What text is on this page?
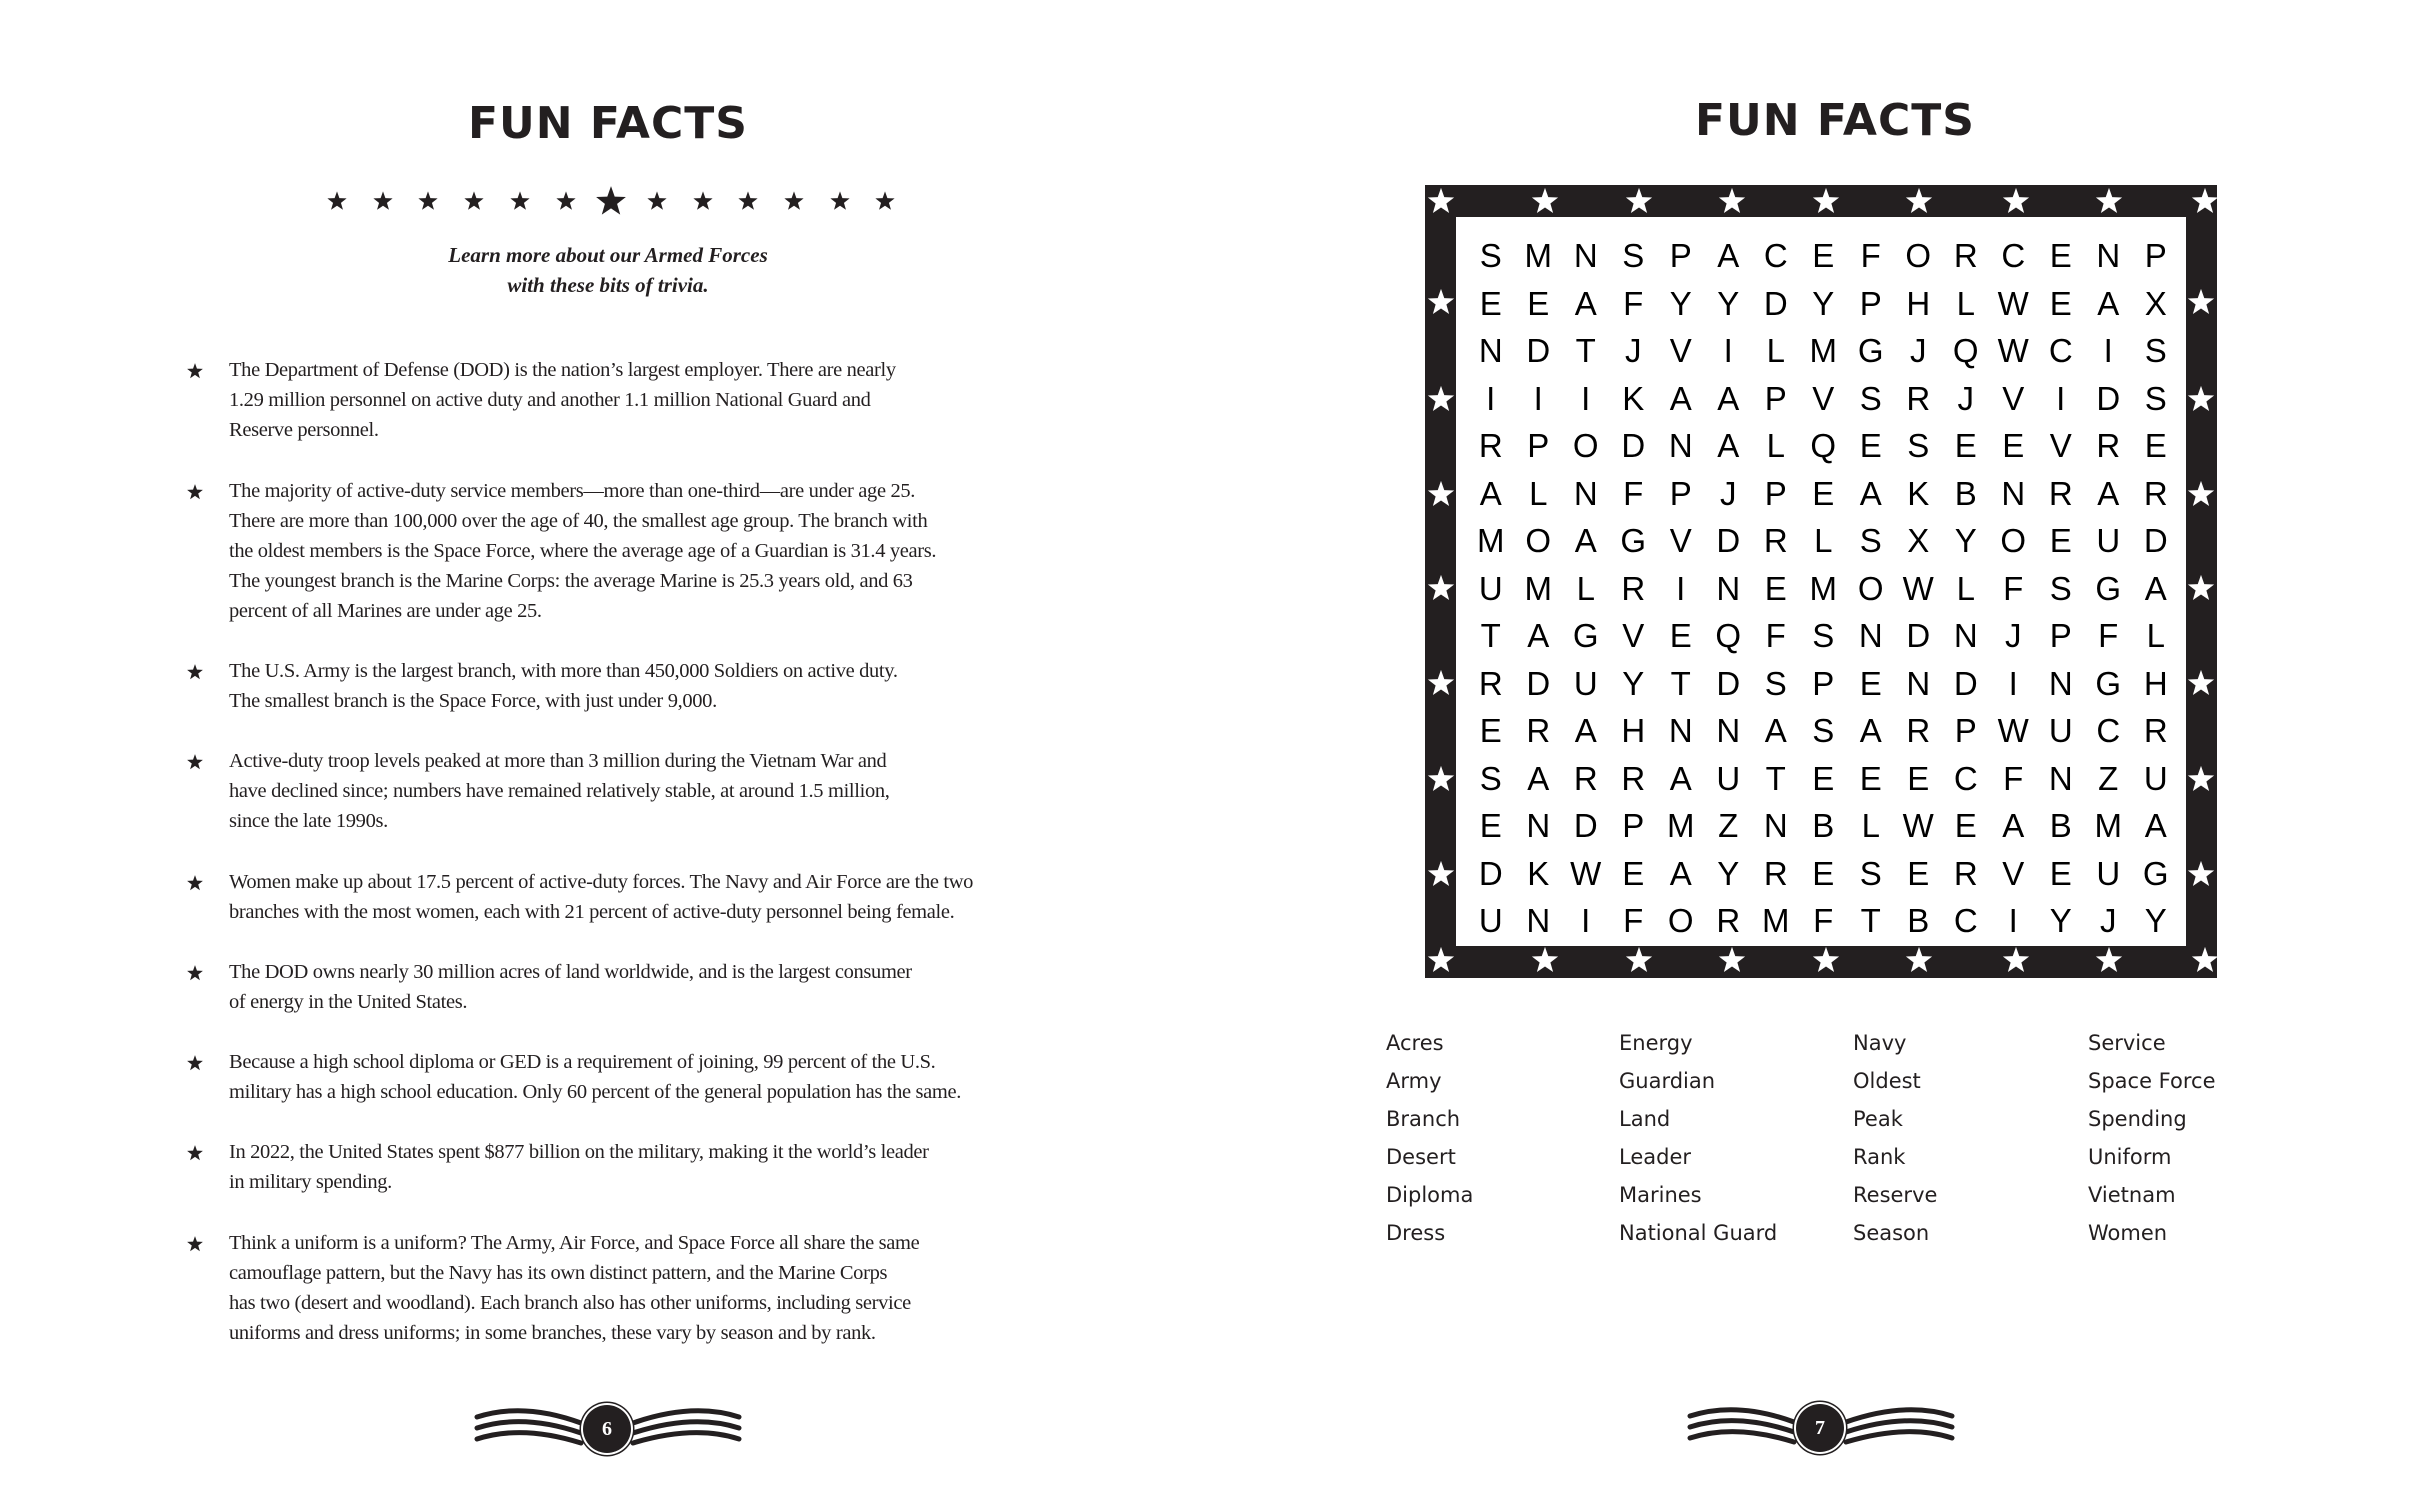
FUN FACTS
Learn more about our Armed Forces
with these bits of trivia.
The Department of Defense (DOD) is the nation’s largest employer. There are nearly
1.29 million personnel on active duty and another 1.1 million National Guard and
Reserve personnel.
The majority of active-duty service members—more than one-third—are under age 25.
There are more than 100,000 over the age of 40, the smallest age group. The branch with
the oldest members is the Space Force, where the average age of a Guardian is 31.4 years.
The youngest branch is the Marine Corps: the average Marine is 25.3 years old, and 63
percent of all Marines are under age 25.
The U.S. Army is the largest branch, with more than 450,000 Soldiers on active duty.
The smallest branch is the Space Force, with just under 9,000.
Active-duty troop levels peaked at more than 3 million during the Vietnam War and
have declined since; numbers have remained relatively stable, at around 1.5 million,
since the late 1990s.
Women make up about 17.5 percent of active-duty forces. The Navy and Air Force are the two
branches with the most women, each with 21 percent of active-duty personnel being female.
The DOD owns nearly 30 million acres of land worldwide, and is the largest consumer
of energy in the United States.
Because a high school diploma or GED is a requirement of joining, 99 percent of the U.S.
military has a high school education. Only 60 percent of the general population has the same.
In 2022, the United States spent $877 billion on the military, making it the world’s leader
in military spending.
Think a uniform is a uniform? The Army, Air Force, and Space Force all share the same
camouflage pattern, but the Navy has its own distinct pattern, and the Marine Corps
has two (desert and woodland). Each branch also has other uniforms, including service
uniforms and dress uniforms; in some branches, these vary by season and by rank.
6
FUN FACTS
S M N S P A C E F O R C E N P
E E A F Y Y D Y P H L W E A X
N D T J V I	L M G J Q W C I S
I	I	I K A A P V S R J V I D S
R P O D N A L Q E S E E V R E
A L N F P J P E A K B N R A R
M O A G V D R L S X Y O E U D
U M L R I N E M O W L F S G A
T A G V E Q F S N D N J P F L
R D U Y T D S P E N D I N G H
E R A H N N A S A R P W U C R
S A R R A U T E E E C F N Z U
E N D P M Z N B L W E A B M A
D K W E A Y R E S E R V E U G
U N I F O R M F T B C I Y J Y
Acres
Army
Branch
Desert
Diploma
Dress
Energy
Guardian
Land
Leader
Marines
National Guard
Navy
Oldest
Peak
Rank
Reserve
Season
Service
Space Force
Spending
Uniform
Vietnam
Women
7
